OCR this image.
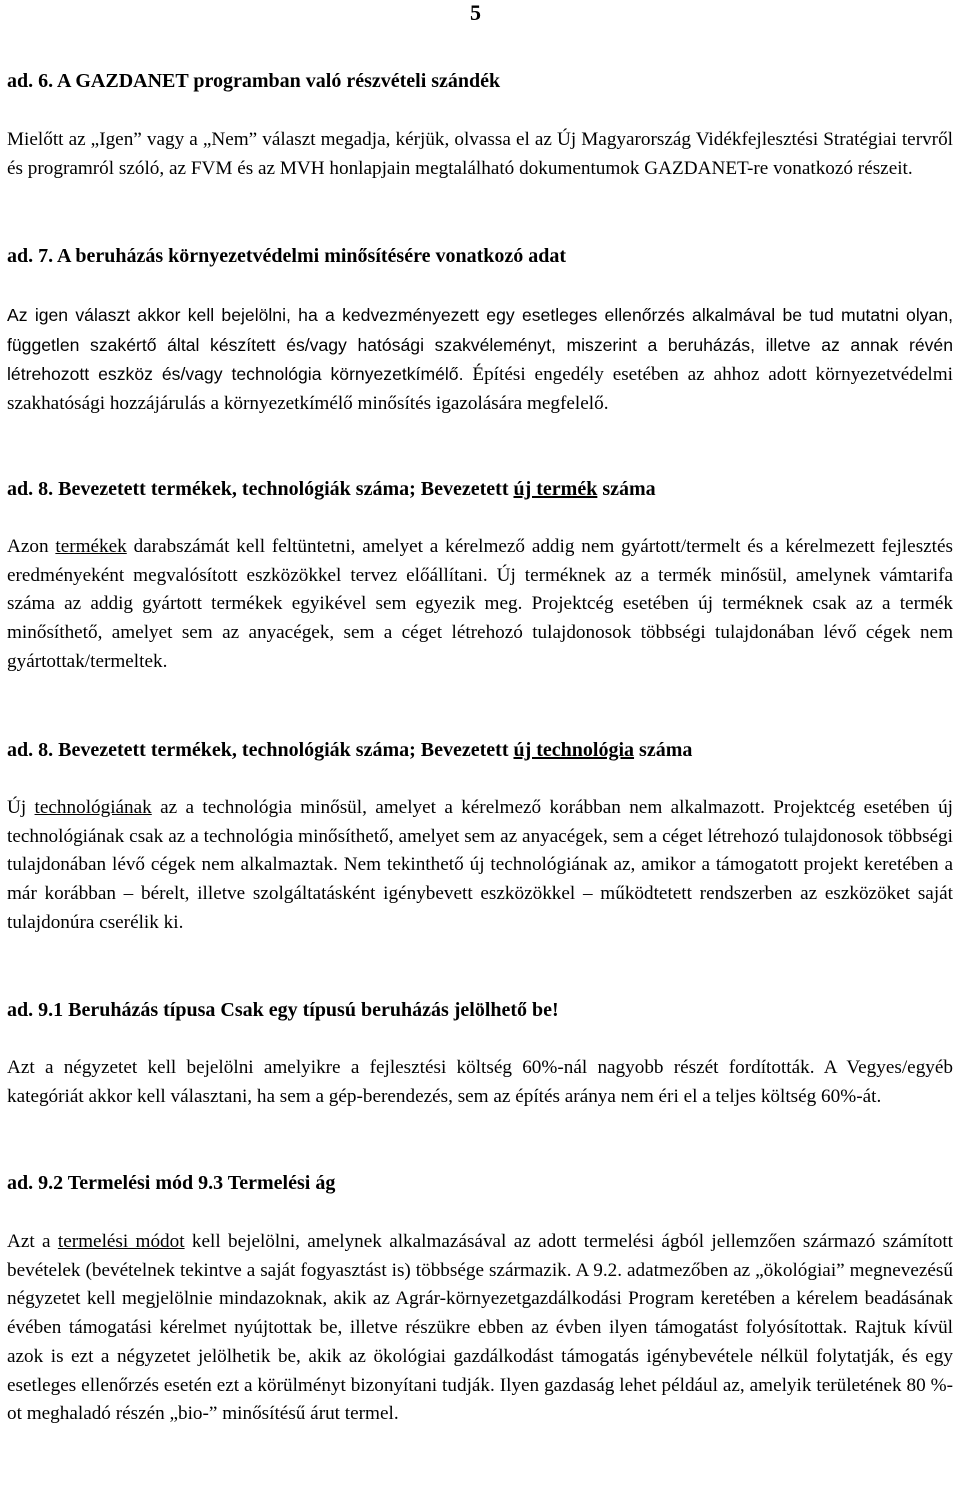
5
ad. 6. A GAZDANET programban való részvételi szándék
Mielőtt az „Igen” vagy a „Nem” választ megadja, kérjük, olvassa el az Új Magyarország Vidékfejlesztési Stratégiai tervről és programról szóló, az FVM és az MVH honlapjain megtalálható dokumentumok GAZDANET-re vonatkozó részeit.
ad. 7. A beruházás környezetvédelmi minősítésére vonatkozó adat
Az igen választ akkor kell bejelölni, ha a kedvezményezett egy esetleges ellenőrzés alkalmával be tud mutatni olyan, független szakértő által készített és/vagy hatósági szakvéleményt, miszerint a beruházás, illetve az annak révén létrehozott eszköz és/vagy technológia környezetkímélő. Építési engedély esetében az ahhoz adott környezetvédelmi szakhatósági hozzájárulás a környezetkímélő minősítés igazolására megfelelő.
ad. 8. Bevezetett termékek, technológiák száma; Bevezetett új termék száma
Azon termékek darabszámát kell feltüntetni, amelyet a kérelmező addig nem gyártott/termelt és a kérelmezett fejlesztés eredményeként megvalósított eszközökkel tervez előállítani. Új terméknek az a termék minősül, amelynek vámtarifa száma az addig gyártott termékek egyikével sem egyezik meg. Projektcég esetében új terméknek csak az a termék minősíthető, amelyet sem az anyacégek, sem a céget létrehozó tulajdonosok többségi tulajdonában lévő cégek nem gyártottak/termeltek.
ad. 8. Bevezetett termékek, technológiák száma; Bevezetett új technológia száma
Új technológiának az a technológia minősül, amelyet a kérelmező korábban nem alkalmazott. Projektcég esetében új technológiának csak az a technológia minősíthető, amelyet sem az anyacégek, sem a céget létrehozó tulajdonosok többségi tulajdonában lévő cégek nem alkalmaztak. Nem tekinthető új technológiának az, amikor a támogatott projekt keretében a már korábban – bérelt, illetve szolgáltatásként igénybevett eszközökkel – működtetett rendszerben az eszközöket saját tulajdonúra cserélik ki.
ad. 9.1 Beruházás típusa Csak egy típusú beruházás jelölhető be!
Azt a négyzetet kell bejelölni amelyikre a fejlesztési költség 60%-nál nagyobb részét fordították. A Vegyes/egyéb kategóriát akkor kell választani, ha sem a gép-berendezés, sem az építés aránya nem éri el a teljes költség 60%-át.
ad. 9.2 Termelési mód 9.3 Termelési ág
Azt a termelési módot kell bejelölni, amelynek alkalmazásával az adott termelési ágból jellemzően származó számított bevételek (bevételnek tekintve a saját fogyasztást is) többsége származik. A 9.2. adatmezőben az „ökológiai” megnevezésű négyzetet kell megjelölnie mindazoknak, akik az Agrár-környezetgazdálkodási Program keretében a kérelem beadásának évében támogatási kérelmet nyújtottak be, illetve részükre ebben az évben ilyen támogatást folyósítottak. Rajtuk kívül azok is ezt a négyzetet jelölhetik be, akik az ökológiai gazdálkodást támogatás igénybevétele nélkül folytatják, és egy esetleges ellenőrzés esetén ezt a körülményt bizonyítani tudják. Ilyen gazdaság lehet például az, amelyik területének 80 %-ot meghaladó részén „bio-” minősítésű árut termel.
